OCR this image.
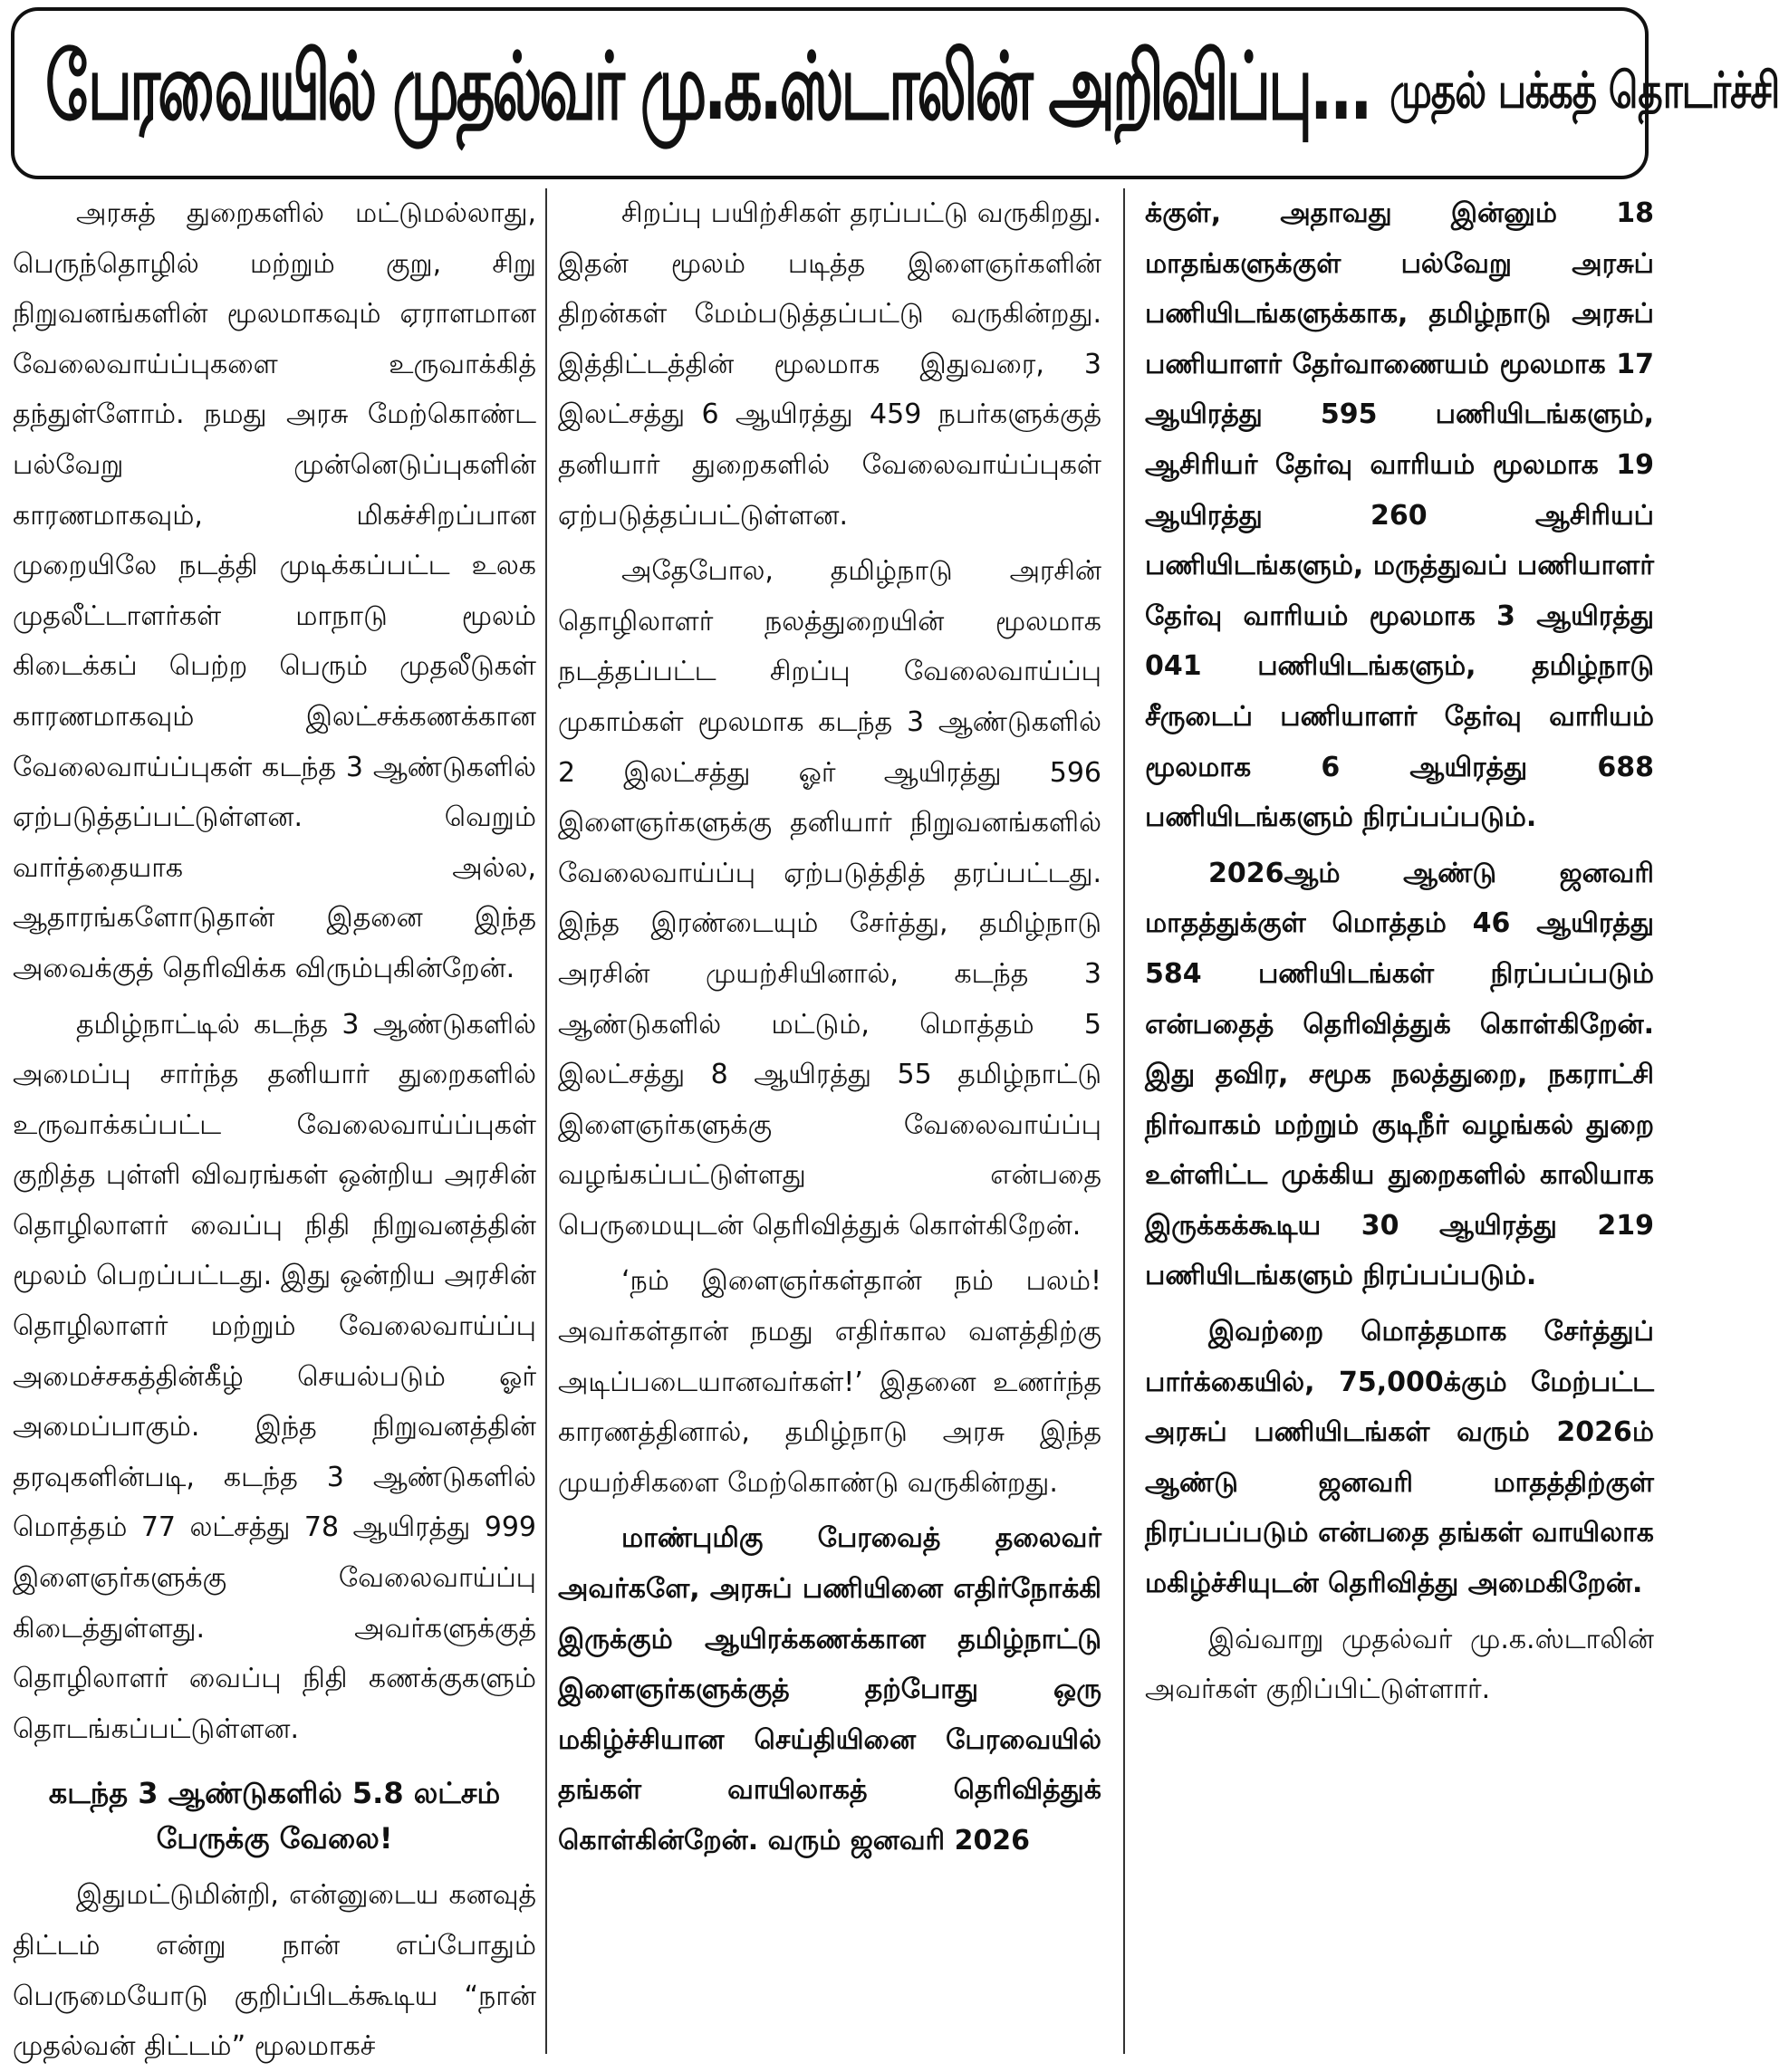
பேரவையில் முதல்வர் மு.க.ஸ்டாலின் அறிவிப்பு... முதல் பக்கத் தொடர்ச்சி

அரசுத் துறைகளில் மட்டுமல்லாது, பெருந்தொழில் மற்றும் குறு, சிறு நிறுவனங்களின் மூலமாகவும் ஏராளமான வேலைவாய்ப்புகளை உருவாக்கித் தந்துள்ளோம். நமது அரசு மேற்கொண்ட பல்வேறு முன்னெடுப்புகளின் காரணமாகவும், மிகச்சிறப்பான முறையிலே நடத்தி முடிக்கப்பட்ட உலக முதலீட்டாளர்கள் மாநாடு மூலம் கிடைக்கப் பெற்ற பெரும் முதலீடுகள் காரணமாகவும் இலட்சக்கணக்கான வேலைவாய்ப்புகள் கடந்த 3 ஆண்டுகளில் ஏற்படுத்தப்பட்டுள்ளன. வெறும் வார்த்தையாக அல்ல, ஆதாரங்களோடுதான் இதனை இந்த அவைக்குத் தெரிவிக்க விரும்புகின்றேன்.

தமிழ்நாட்டில் கடந்த 3 ஆண்டுகளில் அமைப்பு சார்ந்த தனியார் துறைகளில் உருவாக்கப்பட்ட வேலைவாய்ப்புகள் குறித்த புள்ளி விவரங்கள் ஒன்றிய அரசின் தொழிலாளர் வைப்பு நிதி நிறுவனத்தின் மூலம் பெறப்பட்டது. இது ஒன்றிய அரசின் தொழிலாளர் மற்றும் வேலைவாய்ப்பு அமைச்சகத்தின்கீழ் செயல்படும் ஓர் அமைப்பாகும். இந்த நிறுவனத்தின் தரவுகளின்படி, கடந்த 3 ஆண்டுகளில் மொத்தம் 77 லட்சத்து 78 ஆயிரத்து 999 இளைஞர்களுக்கு வேலைவாய்ப்பு கிடைத்துள்ளது. அவர்களுக்குத் தொழிலாளர் வைப்பு நிதி கணக்குகளும் தொடங்கப்பட்டுள்ளன.

கடந்த 3 ஆண்டுகளில் 5.8 லட்சம் பேருக்கு வேலை!

இதுமட்டுமின்றி, என்னுடைய கனவுத் திட்டம் என்று நான் எப்போதும் பெருமையோடு குறிப்பிடக்கூடிய “நான் முதல்வன் திட்டம்” மூலமாகச்

சிறப்பு பயிற்சிகள் தரப்பட்டு வருகிறது. இதன் மூலம் படித்த இளைஞர்களின் திறன்கள் மேம்படுத்தப்பட்டு வருகின்றது. இத்திட்டத்தின் மூலமாக இதுவரை, 3 இலட்சத்து 6 ஆயிரத்து 459 நபர்களுக்குத் தனியார் துறைகளில் வேலைவாய்ப்புகள் ஏற்படுத்தப்பட்டுள்ளன.

அதேபோல, தமிழ்நாடு அரசின் தொழிலாளர் நலத்துறையின் மூலமாக நடத்தப்பட்ட சிறப்பு வேலைவாய்ப்பு முகாம்கள் மூலமாக கடந்த 3 ஆண்டுகளில் 2 இலட்சத்து ஓர் ஆயிரத்து 596 இளைஞர்களுக்கு தனியார் நிறுவனங்களில் வேலைவாய்ப்பு ஏற்படுத்தித் தரப்பட்டது. இந்த இரண்டையும் சேர்த்து, தமிழ்நாடு அரசின் முயற்சியினால், கடந்த 3 ஆண்டுகளில் மட்டும், மொத்தம் 5 இலட்சத்து 8 ஆயிரத்து 55 தமிழ்நாட்டு இளைஞர்களுக்கு வேலைவாய்ப்பு வழங்கப்பட்டுள்ளது என்பதை பெருமையுடன் தெரிவித்துக் கொள்கிறேன்.

‘நம் இளைஞர்கள்தான் நம் பலம்! அவர்கள்தான் நமது எதிர்கால வளத்திற்கு அடிப்படையானவர்கள்!’ இதனை உணர்ந்த காரணத்தினால், தமிழ்நாடு அரசு இந்த முயற்சிகளை மேற்கொண்டு வருகின்றது.

மாண்புமிகு பேரவைத் தலைவர் அவர்களே, அரசுப் பணியினை எதிர்நோக்கி இருக்கும் ஆயிரக்கணக்கான தமிழ்நாட்டு இளைஞர்களுக்குத் தற்போது ஒரு மகிழ்ச்சியான செய்தியினை பேரவையில் தங்கள் வாயிலாகத் தெரிவித்துக் கொள்கின்றேன். வரும் ஜனவரி 2026

க்குள், அதாவது இன்னும் 18 மாதங்களுக்குள் பல்வேறு அரசுப் பணியிடங்களுக்காக, தமிழ்நாடு அரசுப் பணியாளர் தேர்வாணையம் மூலமாக 17 ஆயிரத்து 595 பணியிடங்களும், ஆசிரியர் தேர்வு வாரியம் மூலமாக 19 ஆயிரத்து 260 ஆசிரியப் பணியிடங்களும், மருத்துவப் பணியாளர் தேர்வு வாரியம் மூலமாக 3 ஆயிரத்து 041 பணியிடங்களும், தமிழ்நாடு சீருடைப் பணியாளர் தேர்வு வாரியம் மூலமாக 6 ஆயிரத்து 688 பணியிடங்களும் நிரப்பப்படும்.

2026ஆம் ஆண்டு ஜனவரி மாதத்துக்குள் மொத்தம் 46 ஆயிரத்து 584 பணியிடங்கள் நிரப்பப்படும் என்பதைத் தெரிவித்துக் கொள்கிறேன். இது தவிர, சமூக நலத்துறை, நகராட்சி நிர்வாகம் மற்றும் குடிநீர் வழங்கல் துறை உள்ளிட்ட முக்கிய துறைகளில் காலியாக இருக்கக்கூடிய 30 ஆயிரத்து 219 பணியிடங்களும் நிரப்பப்படும்.

இவற்றை மொத்தமாக சேர்த்துப் பார்க்கையில், 75,000க்கும் மேற்பட்ட அரசுப் பணியிடங்கள் வரும் 2026ம் ஆண்டு ஜனவரி மாதத்திற்குள் நிரப்பப்படும் என்பதை தங்கள் வாயிலாக மகிழ்ச்சியுடன் தெரிவித்து அமைகிறேன்.

இவ்வாறு முதல்வர் மு.க.ஸ்டாலின் அவர்கள் குறிப்பிட்டுள்ளார்.
